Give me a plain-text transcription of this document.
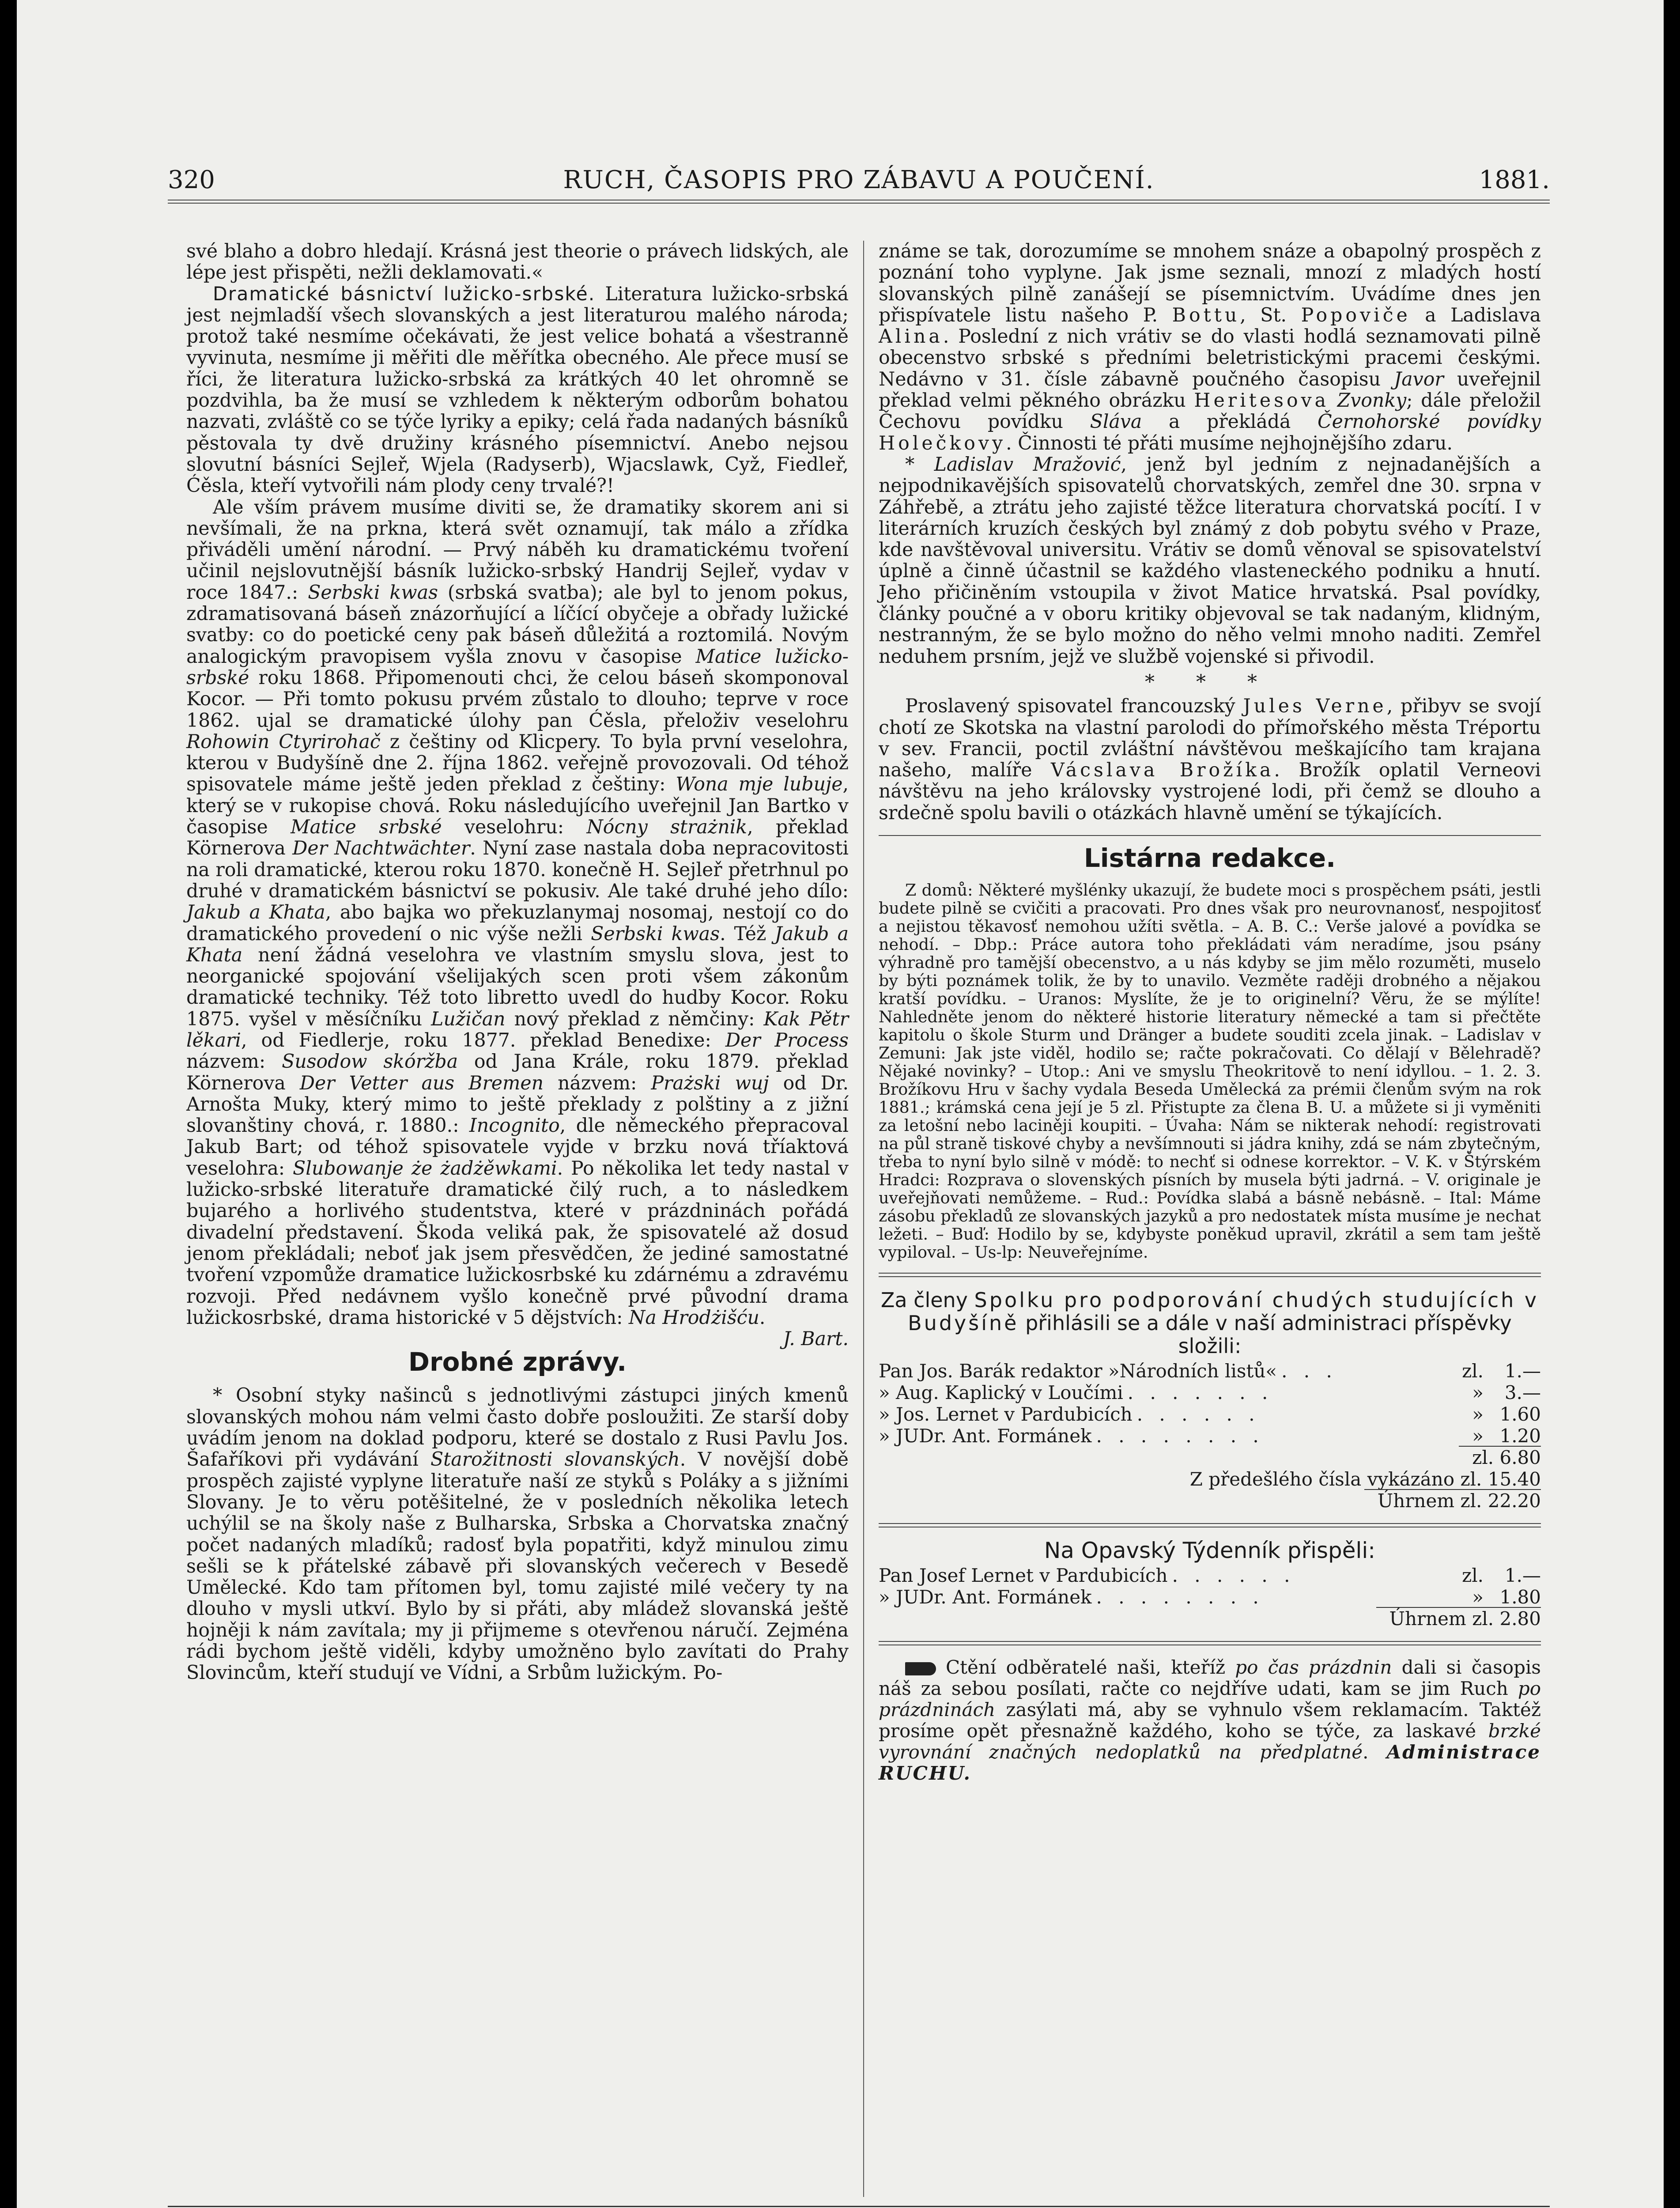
320	RUCH, ČASOPIS PRO ZÁBAVU A POUČENÍ.	1881.

své blaho a dobro hledají. Krásná jest theorie o právech lidských, ale lépe jest přispěti, nežli deklamovati.«

Dramatické básnictví lužicko-srbské. Literatura lužicko-srbská jest nejmladší všech slovanských a jest literaturou malého národa; protož také nesmíme očekávati, že jest velice bohatá a všestranně vyvinuta, nesmíme ji měřiti dle měřítka obecného. Ale přece musí se říci, že literatura lužicko-srbská za krátkých 40 let ohromně se pozdvihla, ba že musí se vzhledem k některým odborům bohatou nazvati, zvláště co se týče lyriky a epiky; celá řada nadaných básníků pěstovala ty dvě družiny krásného písemnictví. Anebo nejsou slovutní básníci Sejleř, Wjela (Radyserb), Wjacslawk, Cyž, Fiedleř, Ćěsla, kteří vytvořili nám plody ceny trvalé?!

Ale vším právem musíme diviti se, že dramatiky skorem ani si nevšímali, že na prkna, která svět oznamují, tak málo a zřídka přiváděli umění národní. — Prvý náběh ku dramatickému tvoření učinil nejslovutnější básník lužicko-srbský Handrij Sejleř, vydav v roce 1847.: Serbski kwas (srbská svatba); ale byl to jenom pokus, zdramatisovaná báseň znázorňující a líčící obyčeje a obřady lužické svatby: co do poetické ceny pak báseň důležitá a roztomilá. Novým analogickým pravopisem vyšla znovu v časopise Matice lužicko-srbské roku 1868. Připomenouti chci, že celou báseň skomponoval Kocor. — Při tomto pokusu prvém zůstalo to dlouho; teprve v roce 1862. ujal se dramatické úlohy pan Ćěsla, přeloživ veselohru Rohowin Ctyrirohač z češtiny od Klicpery. To byla první veselohra, kterou v Budyšíně dne 2. října 1862. veřejně provozovali. Od téhož spisovatele máme ještě jeden překlad z češtiny: Wona mje lubuje, který se v rukopise chová. Roku následujícího uveřejnil Jan Bartko v časopise Matice srbské veselohru: Nócny strażnik, překlad Körnerova Der Nachtwächter. Nyní zase nastala doba nepracovitosti na roli dramatické, kterou roku 1870. konečně H. Sejleř přetrhnul po druhé v dramatickém básnictví se pokusiv. Ale také druhé jeho dílo: Jakub a Khata, abo bajka wo překuzlanymaj nosomaj, nestojí co do dramatického provedení o nic výše nežli Serbski kwas. Též Jakub a Khata není žádná veselohra ve vlastním smyslu slova, jest to neorganické spojování všelijakých scen proti všem zákonům dramatické techniky. Též toto libretto uvedl do hudby Kocor. Roku 1875. vyšel v měsíčníku Lužičan nový překlad z němčiny: Kak Pětr lěkari, od Fiedlerje, roku 1877. překlad Benedixe: Der Process názvem: Susodow skóržba od Jana Krále, roku 1879. překlad Körnerova Der Vetter aus Bremen názvem: Prażski wuj od Dr. Arnošta Muky, který mimo to ještě překlady z polštiny a z jižní slovanštiny chová, r. 1880.: Incognito, dle německého přepracoval Jakub Bart; od téhož spisovatele vyjde v brzku nová tříaktová veselohra: Slubowanje że żadżěwkami. Po několika let tedy nastal v lužicko-srbské literatuře dramatické čilý ruch, a to následkem bujarého a horlivého studentstva, které v prázdninách pořádá divadelní představení. Škoda veliká pak, že spisovatelé až dosud jenom překládali; neboť jak jsem přesvědčen, že jediné samostatné tvoření vzpomůže dramatice lužickosrbské ku zdárnému a zdravému rozvoji. Před nedávnem vyšlo konečně prvé původní drama lužickosrbské, drama historické v 5 dějstvích: Na Hrodżišću.
J. Bart.

Drobné zprávy.

* Osobní styky našinců s jednotlivými zástupci jiných kmenů slovanských mohou nám velmi často dobře posloužiti. Ze starší doby uvádím jenom na doklad podporu, které se dostalo z Rusi Pavlu Jos. Šafaříkovi při vydávání Starožitnosti slovanských. V novější době prospěch zajisté vyplyne literatuře naší ze styků s Poláky a s jižními Slovany. Je to věru potěšitelné, že v posledních několika letech uchýlil se na školy naše z Bulharska, Srbska a Chorvatska značný počet nadaných mladíků; radosť byla popatřiti, když minulou zimu sešli se k přátelské zábavě při slovanských večerech v Besedě Umělecké. Kdo tam přítomen byl, tomu zajisté milé večery ty na dlouho v mysli utkví. Bylo by si přáti, aby mládež slovanská ještě hojněji k nám zavítala; my ji přijmeme s otevřenou náručí. Zejména rádi bychom ještě viděli, kdyby umožněno bylo zavítati do Prahy Slovincům, kteří studují ve Vídni, a Srbům lužickým. Po-

známe se tak, dorozumíme se mnohem snáze a obapolný prospěch z poznání toho vyplyne. Jak jsme seznali, mnozí z mladých hostí slovanských pilně zanášejí se písemnictvím. Uvádíme dnes jen přispívatele listu našeho P. Bottu, St. Popoviče a Ladislava Alina. Poslední z nich vrátiv se do vlasti hodlá seznamovati pilně obecenstvo srbské s předními beletristickými pracemi českými. Nedávno v 31. čísle zábavně poučného časopisu Javor uveřejnil překlad velmi pěkného obrázku Heritesova Zvonky; dále přeložil Čechovu povídku Sláva a překládá Černohorské povídky Holečkovy. Činnosti té přáti musíme nejhojnějšího zdaru.

* Ladislav Mražović, jenž byl jedním z nejnadanějších a nejpodnikavějších spisovatelů chorvatských, zemřel dne 30. srpna v Záhřebě, a ztrátu jeho zajisté těžce literatura chorvatská pocítí. I v literárních kruzích českých byl známý z dob pobytu svého v Praze, kde navštěvoval universitu. Vrátiv se domů věnoval se spisovatelství úplně a činně účastnil se každého vlasteneckého podniku a hnutí. Jeho přičiněním vstoupila v život Matice hrvatská. Psal povídky, články poučné a v oboru kritiky objevoval se tak nadaným, klidným, nestranným, že se bylo možno do něho velmi mnoho naditi. Zemřel neduhem prsním, jejž ve službě vojenské si přivodil.

* * *

Proslavený spisovatel francouzský Jules Verne, přibyv se svojí chotí ze Skotska na vlastní parolodi do přímořského města Tréportu v sev. Francii, poctil zvláštní návštěvou meškajícího tam krajana našeho, malíře Vácslava Brožíka. Brožík oplatil Verneovi návštěvu na jeho královsky vystrojené lodi, při čemž se dlouho a srdečně spolu bavili o otázkách hlavně umění se týkajících.

Listárna redakce.

Z domů: Některé myšlénky ukazují, že budete moci s prospěchem psáti, jestli budete pilně se cvičiti a pracovati. Pro dnes však pro neurovnanosť, nespojitosť a nejistou těkavosť nemohou užíti světla. – A. B. C.: Verše jalové a povídka se nehodí. – Dbp.: Práce autora toho překládati vám neradíme, jsou psány výhradně pro tamější obecenstvo, a u nás kdyby se jim mělo rozuměti, muselo by býti poznámek tolik, že by to unavilo. Vezměte raději drobného a nějakou kratší povídku. – Uranos: Myslíte, že je to originelní? Věru, že se mýlíte! Nahledněte jenom do některé historie literatury německé a tam si přečtěte kapitolu o škole Sturm und Dränger a budete souditi zcela jinak. – Ladislav v Zemuni: Jak jste viděl, hodilo se; račte pokračovati. Co dělají v Bělehradě? Nějaké novinky? – Utop.: Ani ve smyslu Theokritově to není idyllou. – 1. 2. 3. Brožíkovu Hru v šachy vydala Beseda Umělecká za prémii členům svým na rok 1881.; krámská cena její je 5 zl. Přistupte za člena B. U. a můžete si ji vyměniti za letošní nebo laciněji koupiti. – Úvaha: Nám se nikterak nehodí: registrovati na půl straně tiskové chyby a nevšímnouti si jádra knihy, zdá se nám zbytečným, třeba to nyní bylo silně v módě: to nechť si odnese korrektor. – V. K. v Štýrském Hradci: Rozprava o slovenských písních by musela býti jadrná. – V. originale je uveřejňovati nemůžeme. – Rud.: Povídka slabá a básně nebásně. – Ital: Máme zásobu překladů ze slovanských jazyků a pro nedostatek místa musíme je nechat ležeti. – Buď: Hodilo by se, kdybyste poněkud upravil, zkrátil a sem tam ještě vypiloval. – Us-lp: Neuveřejníme.

Za členy Spolku pro podporování chudých studujících v Budyšíně přihlásili se a dále v naší administraci příspěvky složili:
Pan Jos. Barák redaktor »Národních listů« . . .	zl.	1.—
» Aug. Kaplický v Loučími . . . . . . .	»	3.—
» Jos. Lernet v Pardubicích . . . . . .	» 1.60
» JUDr. Ant. Formánek . . . . . . . .	» 1.20
zl. 6.80
Z předešlého čísla vykázáno zl. 15.40
Úhrnem zl. 22.20
Na Opavský Týdenník přispěli:
Pan Josef Lernet v Pardubicích . . . . . .	zl.	1.—
» JUDr. Ant. Formánek . . . . . . . .	» 1.80
Úhrnem zl. 2.80

Ctění odběratelé naši, kteříž po čas prázdnin dali si časopis náš za sebou posílati, račte co nejdříve udati, kam se jim Ruch po prázdninách zasýlati má, aby se vyhnulo všem reklamacím. Taktéž prosíme opět přesnažně každého, koho se týče, za laskavé brzké vyrovnání značných nedoplatků na předplatné. Administrace RUCHU.
